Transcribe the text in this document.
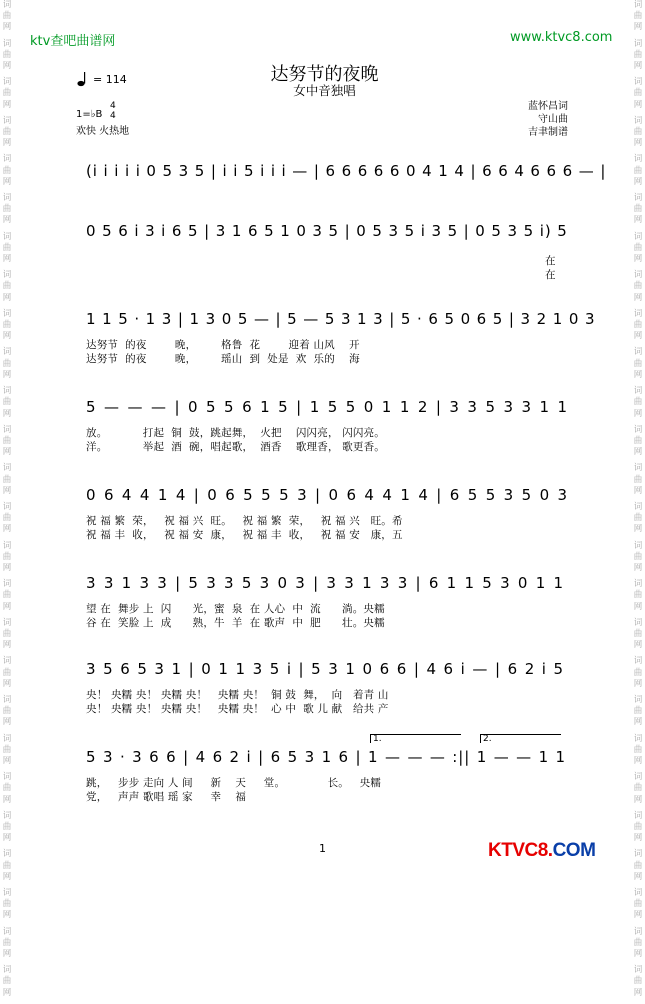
词
曲
网
词
曲
网
词
曲
网
词
曲
网
词
曲
网
词
曲
网
词
曲
网
词
曲
网
词
曲
网
词
曲
网
词
曲
网
词
曲
网
词
曲
网
词
曲
网
词
曲
网
词
曲
网
词
曲
网
词
曲
网
词
曲
网
词
曲
网
词
曲
网
词
曲
网
词
曲
网
词
曲
网
词
曲
网
词
曲
网
词
曲
网
词
曲
网
词
曲
网
词
曲
网
词
曲
网
词
曲
网
词
曲
网
词
曲
网
词
曲
网
词
曲
网
词
曲
网
词
曲
网
词
曲
网
词
曲
网
词
曲
网
词
曲
网
词
曲
网
词
曲
网
词
曲
网
词
曲
网
词
曲
网
词
曲
网
词
曲
网
词
曲
网
词
曲
网
词
曲
网
ktv查吧曲谱网	www.ktvc8.com
达努节的夜晚
女中音独唱
= 114
1=♭B
4
4
欢快 火热地
蓝怀昌词
守山曲
吉聿制谱
(i i i i i 0 5 3 5 | i i 5 i i i — | 6 6 6 6 6 0 4 1 4 | 6 6 4 6 6 6 — |
0 5 6 i 3 i 6 5 | 3 1 6 5 1 0 3 5 | 0 5 3 5 i 3 5 | 0 5 3 5 i) 5
在
在
1 1 5 · 1 3 | 1 3 0 5 — | 5 — 5 3 1 3 | 5 · 6 5 0 6 5 | 3 2 1 0 3
达努节  的夜        晚，       格鲁  花        迎着 山风    开
达努节  的夜        晚，       瑶山  到  处是  欢  乐的    海
5 — — — | 0 5 5 6 1 5 | 1 5 5 0 1 1 2 | 3 3 5 3 3 1 1
放。          打起  铜  鼓，跳起舞，  火把    闪闪亮， 闪闪亮。
洋。          举起  酒  碗，唱起歌，  酒香    歌理香， 歌更香。
0 6 4 4 1 4 | 0 6 5 5 5 3 | 0 6 4 4 1 4 | 6 5 5 3 5 0 3
祝 福 繁  荣，   祝 福 兴  旺。   祝 福 繁  荣，   祝 福 兴   旺。希
祝 福 丰  收，   祝 福 安  康，   祝 福 丰  收，   祝 福 安   康，五
3 3 1 3 3 | 5 3 3 5 3 0 3 | 3 3 1 3 3 | 6 1 1 5 3 0 1 1
望 在  舞步 上  闪      光，蜜  泉  在 人心  中  流      淌。央糯
谷 在  笑脸 上  成      熟，牛  羊  在 歌声  中  肥      壮。央糯
3 5 6 5 3 1 | 0 1 1 3 5 i | 5 3 1 0 6 6 | 4 6 i — | 6 2 i 5
央！ 央糯 央！ 央糯 央！   央糯 央！  铜 鼓  舞，  向   着青 山
央！ 央糯 央！ 央糯 央！   央糯 央！  心 中  歌 儿 献   给共 产
5 3 · 3 6 6 | 4 6 2 i | 6 5 3 1 6 | 1 — — — :|| 1 — — 1 1
跳，   步步 走向 人 间     新    天     堂。            长。   央糯
党，   声声 歌唱 瑶 家     幸    福
1.	2.
1	KTVC8.COM
